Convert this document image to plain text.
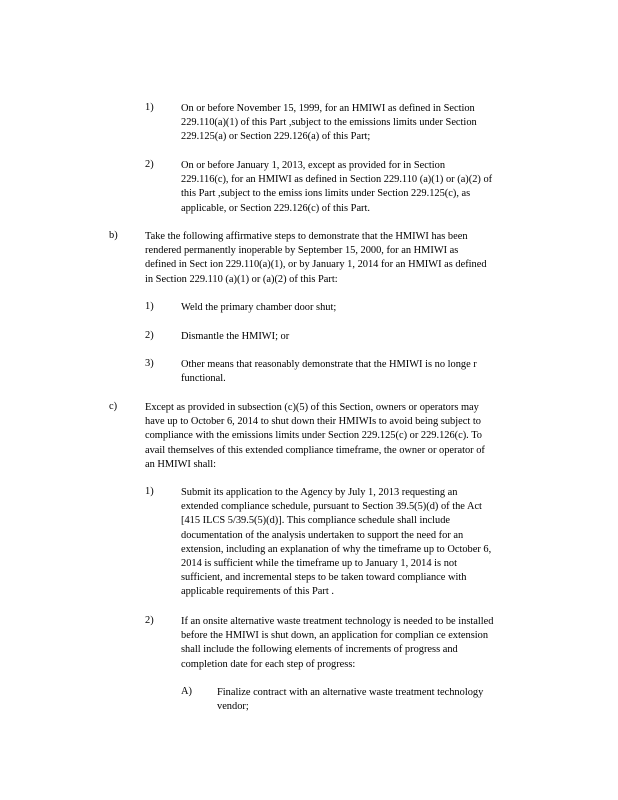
1)	On or before November 15, 1999, for an HMIWI as defined in Section
229.110(a)(1) of this Part ,subject to the emissions limits under Section
229.125(a) or Section 229.126(a) of this Part;
2)	On or before January 1, 2013, except as provided for in Section
229.116(c), for an HMIWI as defined in Section 229.110 (a)(1) or (a)(2) of
this Part ,subject to the emiss ions limits under Section 229.125(c), as
applicable, or Section 229.126(c) of this Part.
b)	Take the following affirmative steps to demonstrate that the HMIWI has been
rendered permanently inoperable by September 15, 2000, for an HMIWI as
defined in Sect ion 229.110(a)(1), or by January 1, 2014 for an HMIWI as defined
in Section 229.110 (a)(1) or (a)(2) of this Part:
1)	Weld the primary chamber door shut;
2)	Dismantle the HMIWI; or
3)	Other means that reasonably demonstrate that the HMIWI is no longe r
functional.
c)	Except as provided in subsection (c)(5) of this Section, owners or operators may
have up to October 6, 2014 to shut down their HMIWIs to avoid being subject to
compliance with the emissions limits under Section 229.125(c) or 229.126(c). To
avail themselves of this extended compliance timeframe, the owner or operator of
an HMIWI shall:
1)	Submit its application to the Agency by July 1, 2013 requesting an
extended compliance schedule, pursuant to Section 39.5(5)(d) of the Act
[415 ILCS 5/39.5(5)(d)]. This compliance schedule shall include
documentation of the analysis undertaken to support the need for an
extension, including an explanation of why the timeframe up to October 6,
2014 is sufficient while the timeframe up to January 1, 2014 is not
sufficient, and incremental steps to be taken toward compliance with
applicable requirements of this Part .
2)	If an onsite alternative waste treatment technology is needed to be installed
before the HMIWI is shut down, an application for complian ce extension
shall include the following elements of increments of progress and
completion date for each step of progress:
A) Finalize contract with an alternative waste treatment technology
vendor;
